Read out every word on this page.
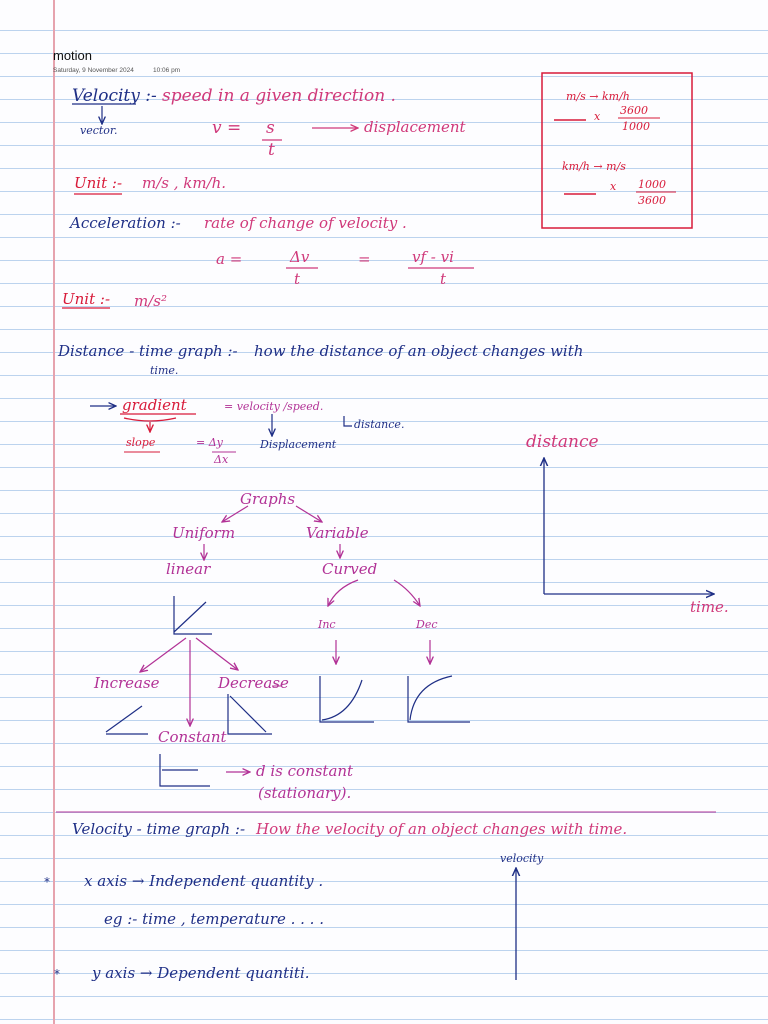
motion
Saturday, 9 November 2024	10:06 pm
Velocity :- speed in a given direction .
vector.	v = s
t
displacement
Unit :- m/s , km/h.
Acceleration :- rate of change of velocity .
a =	Δv
t
=	vf - vi
t
Unit :- m/s²
Distance - time graph :- how the distance of an object changes with
time.
gradient	= velocity /speed.
distance.
slope	= Δy
Δx
Displacement
Graphs
Uniform	Variable
linear	Curved
Inc	Dec
Increase	Decrease
Constant
d is constant
(stationary).
Velocity - time graph :- How the velocity of an object changes with time.
x axis → Independent quantity .
eg :- time , temperature . . . .
y axis → Dependent quantiti.
m/s → km/h
x 3600
1000
km/h → m/s
x 1000
3600
distance
time.
velocity
*
*
